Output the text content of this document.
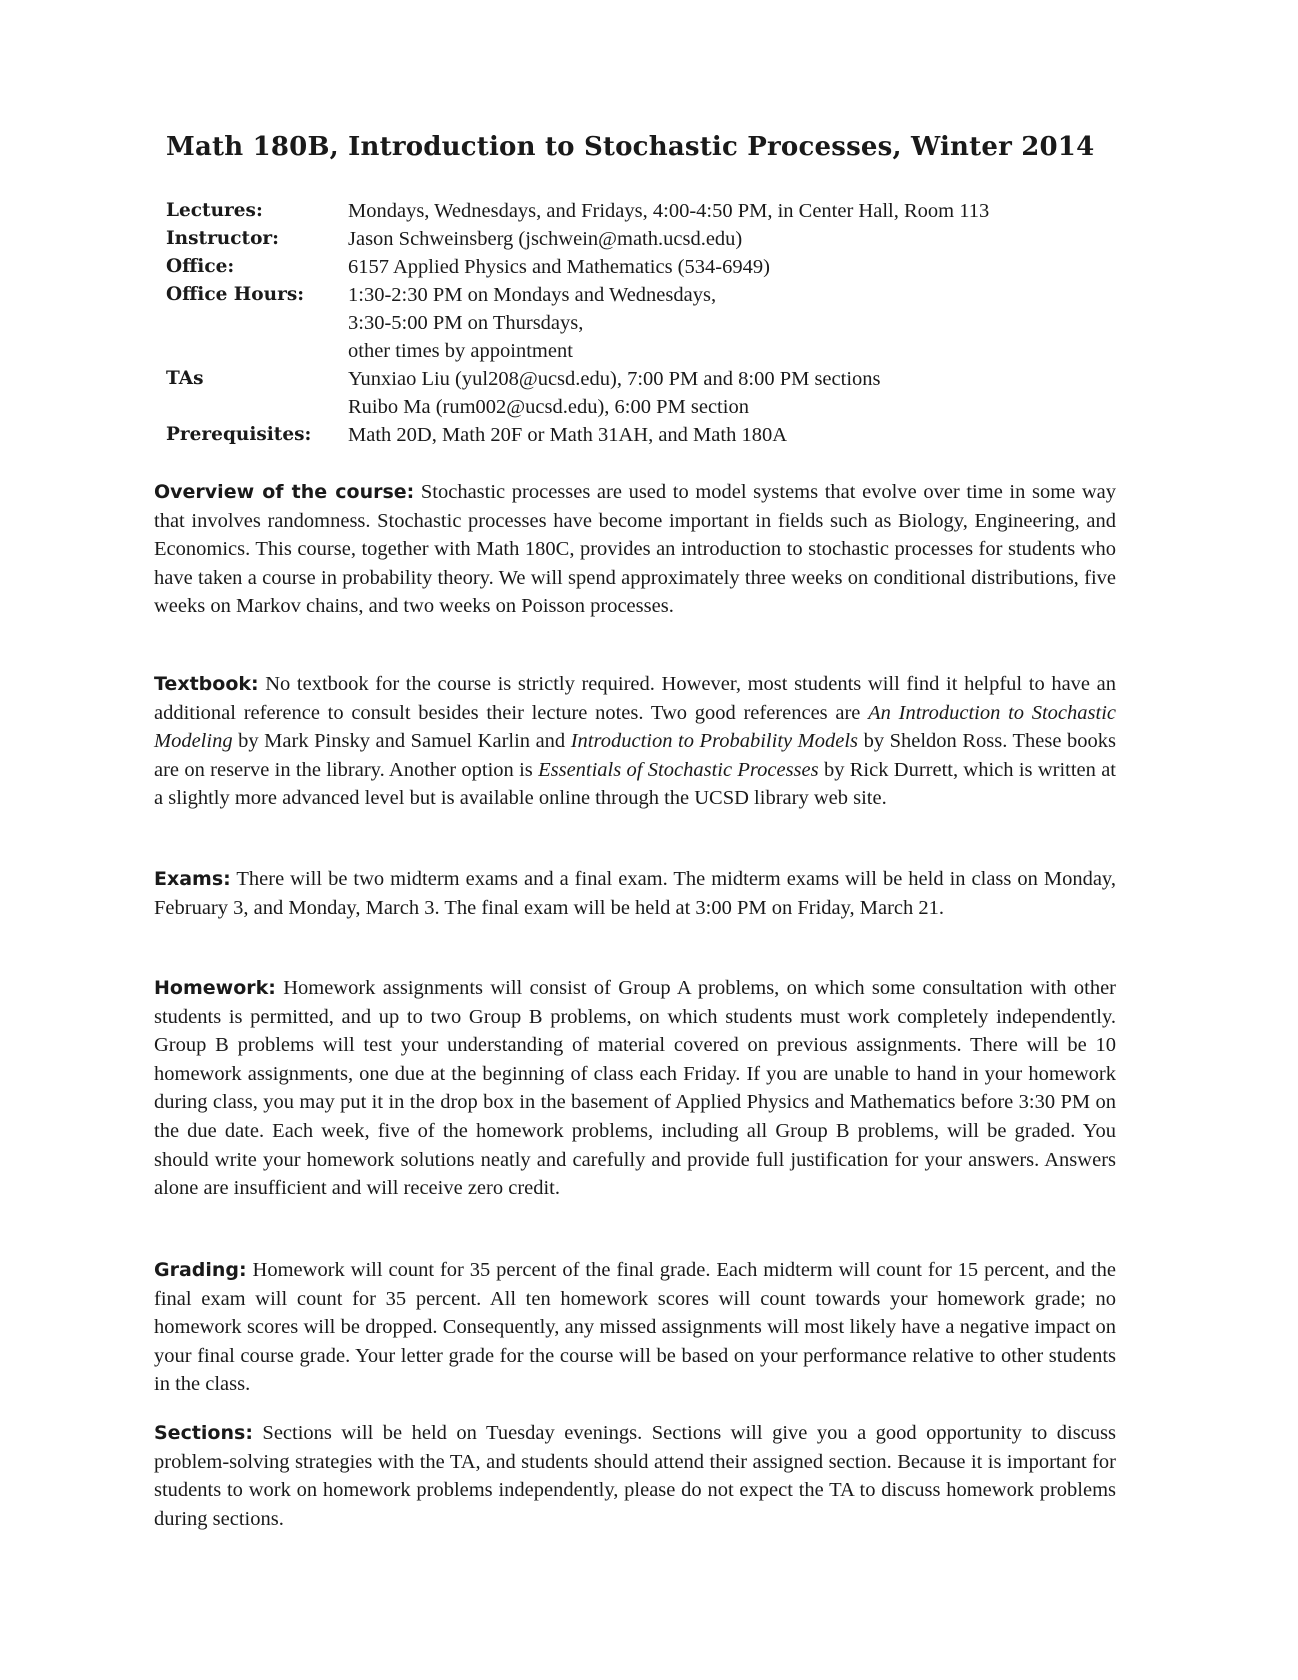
Math 180B, Introduction to Stochastic Processes, Winter 2014
Lectures:	Mondays, Wednesdays, and Fridays, 4:00-4:50 PM, in Center Hall, Room 113
Instructor:	Jason Schweinsberg (jschwein@math.ucsd.edu)
Office:	6157 Applied Physics and Mathematics (534-6949)
Office Hours:	1:30-2:30 PM on Mondays and Wednesdays,
3:30-5:00 PM on Thursdays,
other times by appointment
TAs	Yunxiao Liu (yul208@ucsd.edu), 7:00 PM and 8:00 PM sections
Ruibo Ma (rum002@ucsd.edu), 6:00 PM section
Prerequisites:	Math 20D, Math 20F or Math 31AH, and Math 180A

Overview of the course: Stochastic processes are used to model systems that evolve over time in some way that involves randomness. Stochastic processes have become important in fields such as Biology, Engineering, and Economics. This course, together with Math 180C, provides an introduction to stochastic processes for students who have taken a course in probability theory. We will spend approximately three weeks on conditional distributions, five weeks on Markov chains, and two weeks on Poisson processes.

Textbook: No textbook for the course is strictly required. However, most students will find it helpful to have an additional reference to consult besides their lecture notes. Two good references are An Introduction to Stochastic Modeling by Mark Pinsky and Samuel Karlin and Introduction to Probability Models by Sheldon Ross. These books are on reserve in the library. Another option is Essentials of Stochastic Processes by Rick Durrett, which is written at a slightly more advanced level but is available online through the UCSD library web site.

Exams: There will be two midterm exams and a final exam. The midterm exams will be held in class on Monday, February 3, and Monday, March 3. The final exam will be held at 3:00 PM on Friday, March 21.

Homework: Homework assignments will consist of Group A problems, on which some consultation with other students is permitted, and up to two Group B problems, on which students must work completely independently. Group B problems will test your understanding of material covered on previous assignments. There will be 10 homework assignments, one due at the beginning of class each Friday. If you are unable to hand in your homework during class, you may put it in the drop box in the basement of Applied Physics and Mathematics before 3:30 PM on the due date. Each week, five of the homework problems, including all Group B problems, will be graded. You should write your homework solutions neatly and carefully and provide full justification for your answers. Answers alone are insufficient and will receive zero credit.

Grading: Homework will count for 35 percent of the final grade. Each midterm will count for 15 percent, and the final exam will count for 35 percent. All ten homework scores will count towards your homework grade; no homework scores will be dropped. Consequently, any missed assignments will most likely have a negative impact on your final course grade. Your letter grade for the course will be based on your performance relative to other students in the class.

Sections: Sections will be held on Tuesday evenings. Sections will give you a good opportunity to discuss problem-solving strategies with the TA, and students should attend their assigned section. Because it is important for students to work on homework problems independently, please do not expect the TA to discuss homework problems during sections.
